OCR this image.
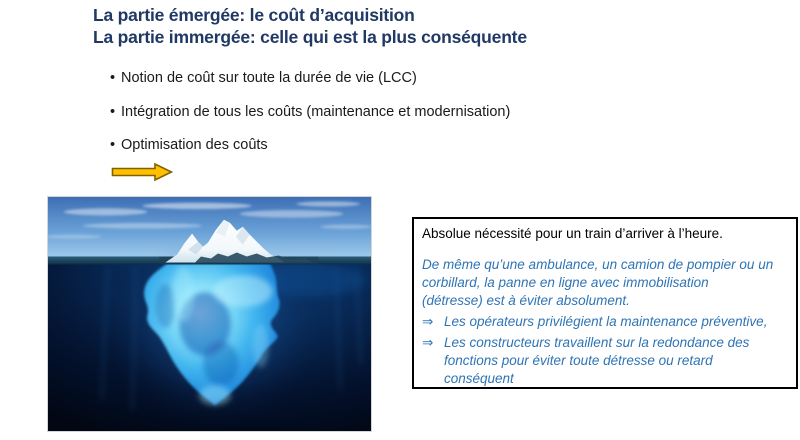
La partie émergée: le coût d’acquisition
La partie immergée: celle qui est la plus conséquente
• Notion de coût sur toute la durée de vie (LCC)
• Intégration de tous les coûts (maintenance et modernisation)
• Optimisation des coûts
Absolue nécessité pour un train d’arriver à l’heure.
De même qu’une ambulance, un camion de pompier ou un
corbillard, la panne en ligne avec immobilisation
(détresse) est à éviter absolument.
⇒ Les opérateurs privilégient la maintenance préventive,
⇒ Les constructeurs travaillent sur la redondance des
fonctions pour éviter toute détresse ou retard
conséquent
